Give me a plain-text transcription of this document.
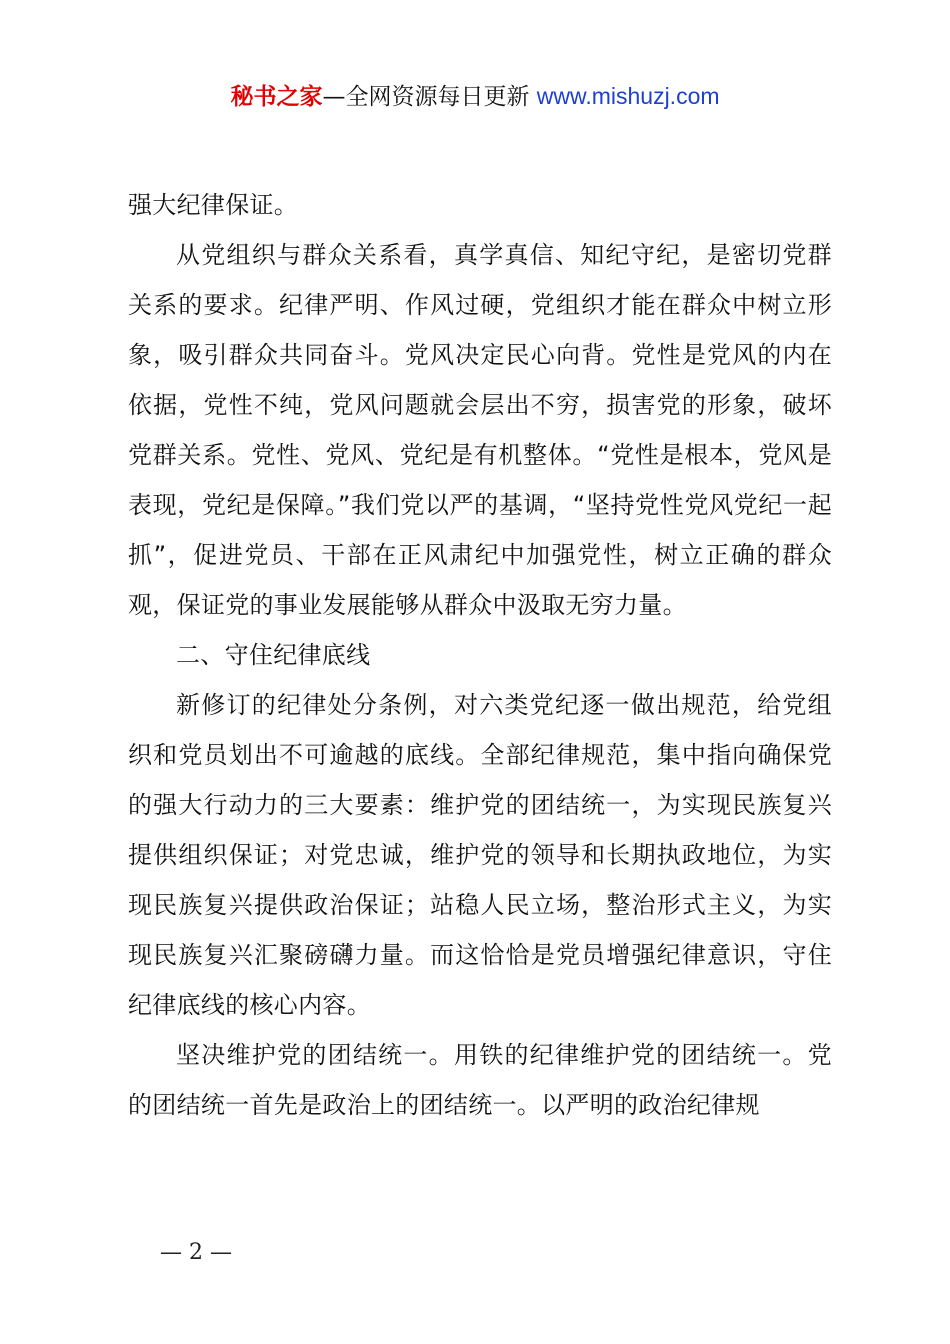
秘书之家—全网资源每日更新 www.mishuzj.com

强大纪律保证。

从党组织与群众关系看，真学真信、知纪守纪，是密切党群关系的要求。纪律严明、作风过硬，党组织才能在群众中树立形象，吸引群众共同奋斗。党风决定民心向背。党性是党风的内在依据，党性不纯，党风问题就会层出不穷，损害党的形象，破坏党群关系。党性、党风、党纪是有机整体。“党性是根本，党风是表现，党纪是保障。”我们党以严的基调，“坚持党性党风党纪一起抓”，促进党员、干部在正风肃纪中加强党性，树立正确的群众观，保证党的事业发展能够从群众中汲取无穷力量。

二、守住纪律底线

新修订的纪律处分条例，对六类党纪逐一做出规范，给党组织和党员划出不可逾越的底线。全部纪律规范，集中指向确保党的强大行动力的三大要素：维护党的团结统一，为实现民族复兴提供组织保证；对党忠诚，维护党的领导和长期执政地位，为实现民族复兴提供政治保证；站稳人民立场，整治形式主义，为实现民族复兴汇聚磅礴力量。而这恰恰是党员增强纪律意识，守住纪律底线的核心内容。

坚决维护党的团结统一。用铁的纪律维护党的团结统一。党的团结统一首先是政治上的团结统一。以严明的政治纪律规

— 2 —
